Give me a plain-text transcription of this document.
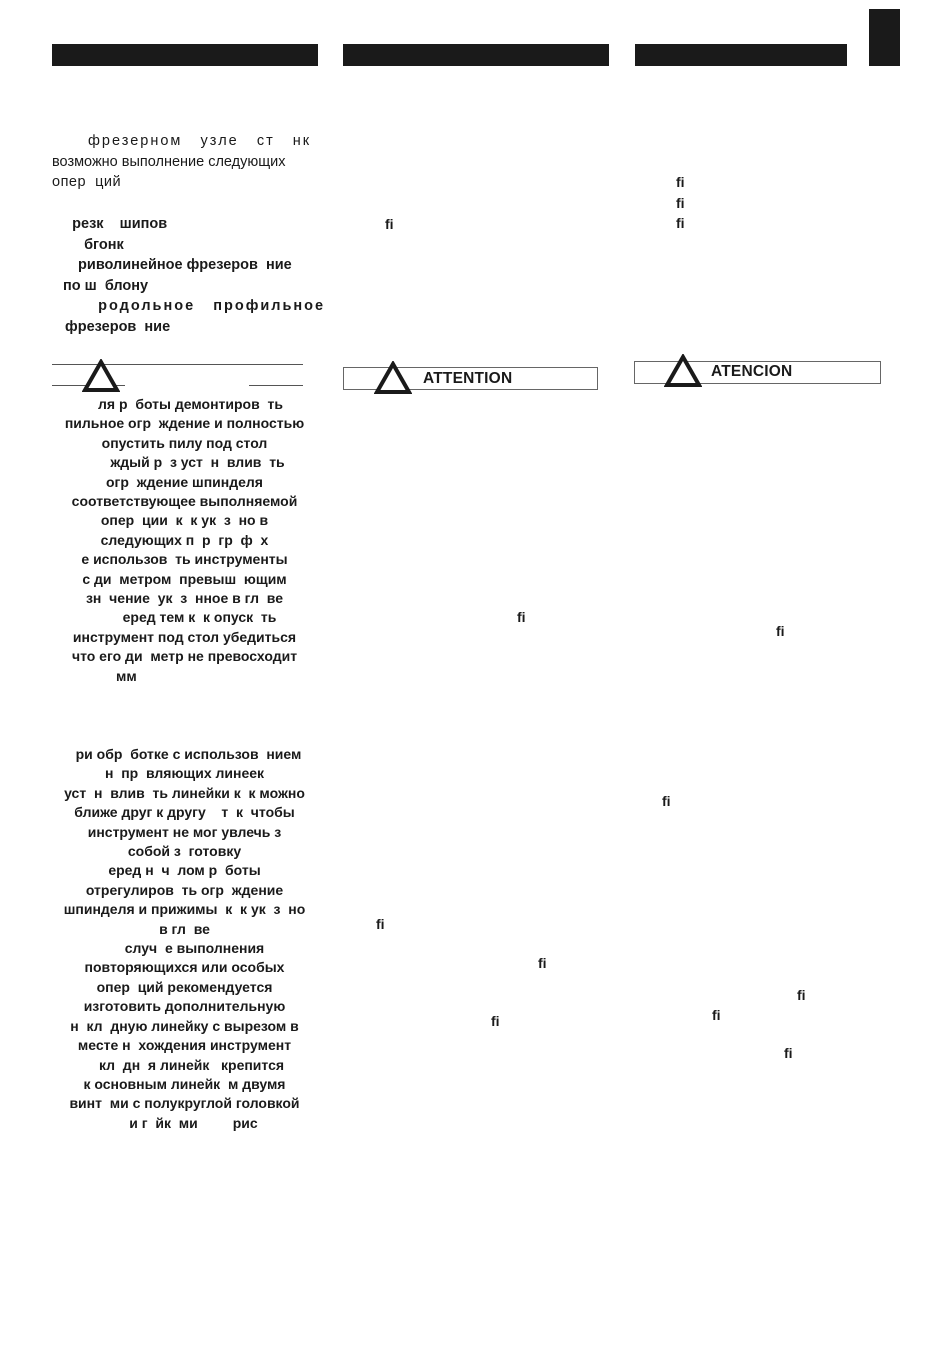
фрезерном   узле   ст   нк
возможно выполнение следующих
опер  ций
резк    шипов
бгонк
риволинейное фрезеров  ние
по ш  блону
родольное   профильное
фрезеров  ние
ля р  боты демонтиров  ть
пильное огр  ждение и полностью
опустить пилу под стол
ждый р  з уст  н  влив  ть
огр  ждение шпинделя
соответствующее выполняемой
опер  ции  к  к ук  з  но в
следующих п  р  гр  ф  х
е использов  ть инструменты
с ди  метром  превыш  ющим
зн  чение  ук  з  нное в гл  ве
еред тем к  к опуск  ть
инструмент под стол убедиться
что его ди  метр не превосходит
мм
ри обр  ботке с использов  нием
н  пр  вляющих линеек
уст  н  влив  ть линейки к  к можно
ближе друг к другу    т  к  чтобы
инструмент не мог увлечь з
собой з  готовку
еред н  ч  лом р  боты
отрегулиров  ть огр  ждение
шпинделя и прижимы  к  к ук  з  но
в гл  ве
случ  е выполнения
повторяющихся или особых
опер  ций рекомендуется
изготовить дополнительную
н  кл  дную линейку с вырезом в
месте н  хождения инструмент
кл  дн  я линейк   крепится
к основным линейк  м двумя
винт  ми с полукруглой головкой
и г  йк  ми         рис
ATTENTION
fi
fi
fi
fi
fi
ATENCION
fi
fi
fi
fi
fi
fi
fi
fi
